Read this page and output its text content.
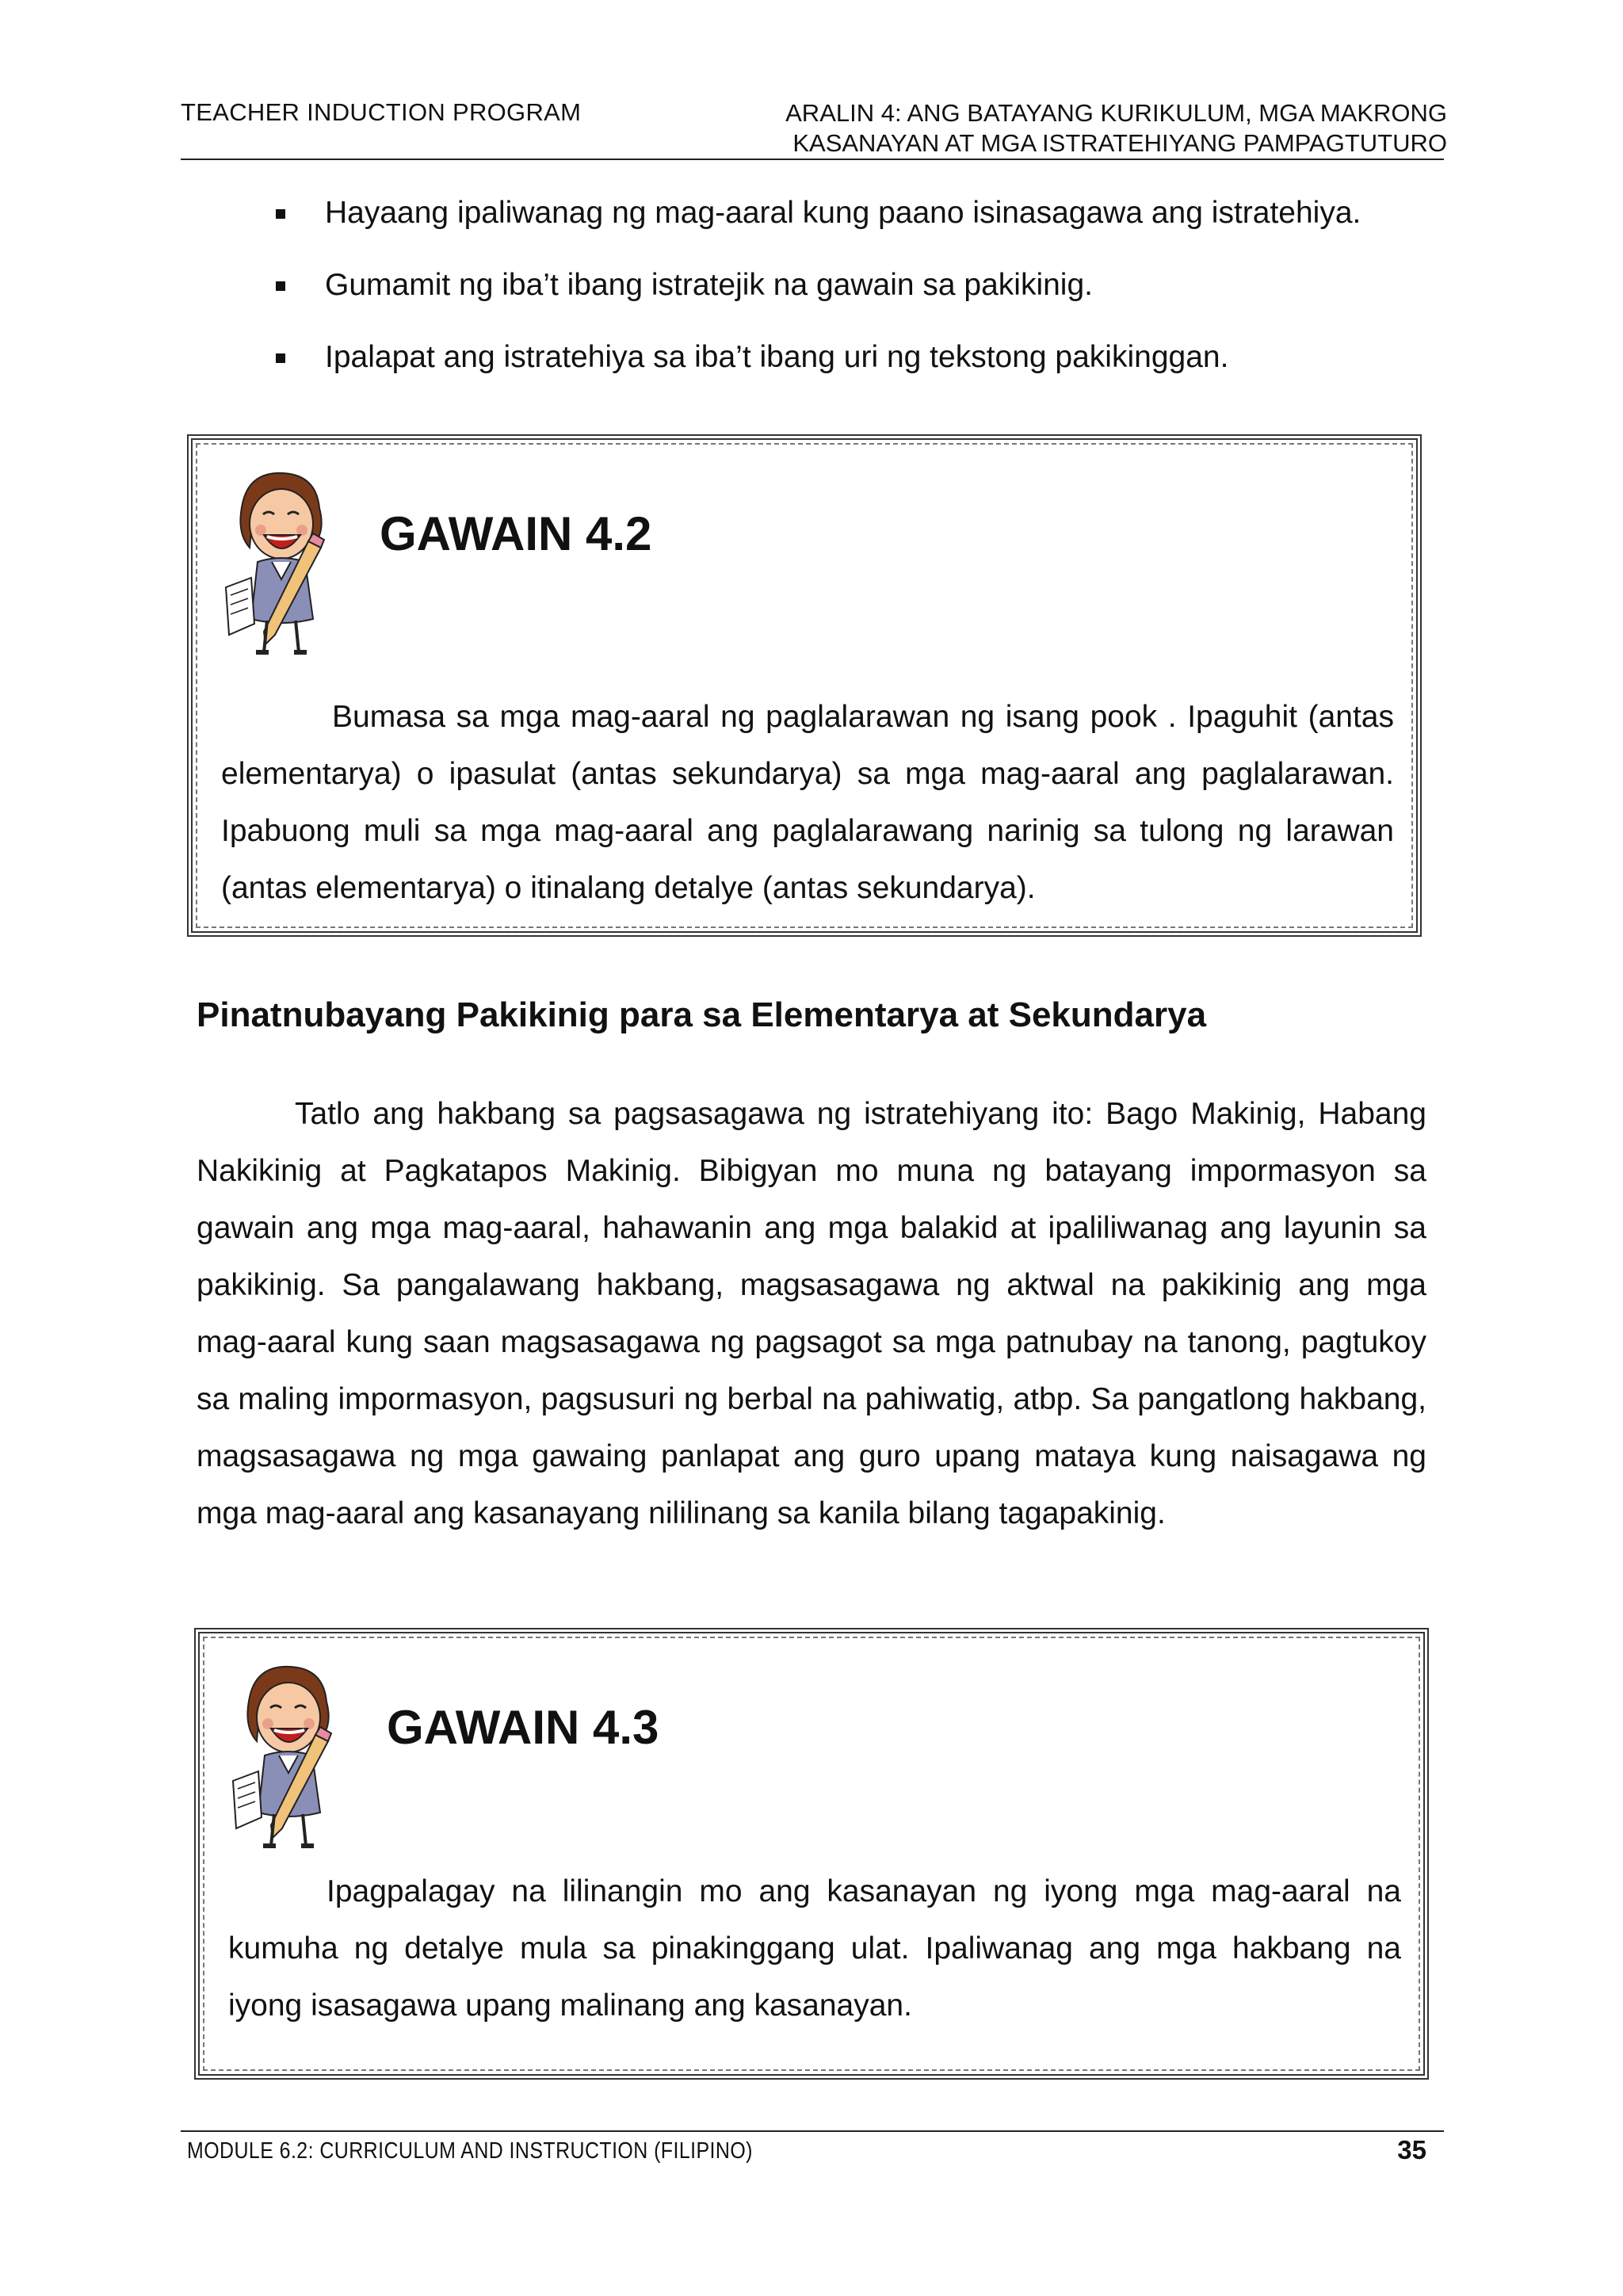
TEACHER INDUCTION PROGRAM	ARALIN 4: ANG BATAYANG KURIKULUM, MGA MAKRONG
KASANAYAN AT MGA ISTRATEHIYANG PAMPAGTUTURO
Hayaang ipaliwanag ng mag-aaral kung paano isinasagawa ang istratehiya.
Gumamit ng iba’t ibang istratejik na gawain sa pakikinig.
Ipalapat ang istratehiya sa iba’t ibang uri ng tekstong pakikinggan.
GAWAIN 4.2

Bumasa sa mga mag-aaral ng paglalarawan ng isang pook . Ipaguhit (antas elementarya) o ipasulat (antas sekundarya) sa mga mag-aaral ang paglalarawan. Ipabuong muli sa mga mag-aaral ang paglalarawang narinig sa tulong ng larawan (antas elementarya) o itinalang detalye (antas sekundarya).

Pinatnubayang Pakikinig para sa Elementarya at Sekundarya

Tatlo ang hakbang sa pagsasagawa ng istratehiyang ito: Bago Makinig, Habang Nakikinig at Pagkatapos Makinig. Bibigyan mo muna ng batayang impormasyon sa gawain ang mga mag-aaral, hahawanin ang mga balakid at ipaliliwanag ang layunin sa pakikinig. Sa pangalawang hakbang, magsasagawa ng aktwal na pakikinig ang mga mag-aaral kung saan magsasagawa ng pagsagot sa mga patnubay na tanong, pagtukoy sa maling impormasyon, pagsusuri ng berbal na pahiwatig, atbp. Sa pangatlong hakbang, magsasagawa ng mga gawaing panlapat ang guro upang mataya kung naisagawa ng mga mag-aaral ang kasanayang nililinang sa kanila bilang tagapakinig.

GAWAIN 4.3

Ipagpalagay na lilinangin mo ang kasanayan ng iyong mga mag-aaral na kumuha ng detalye mula sa pinakinggang ulat. Ipaliwanag ang mga hakbang na iyong isasagawa upang malinang ang kasanayan.

MODULE 6.2: CURRICULUM AND INSTRUCTION (FILIPINO)	35
